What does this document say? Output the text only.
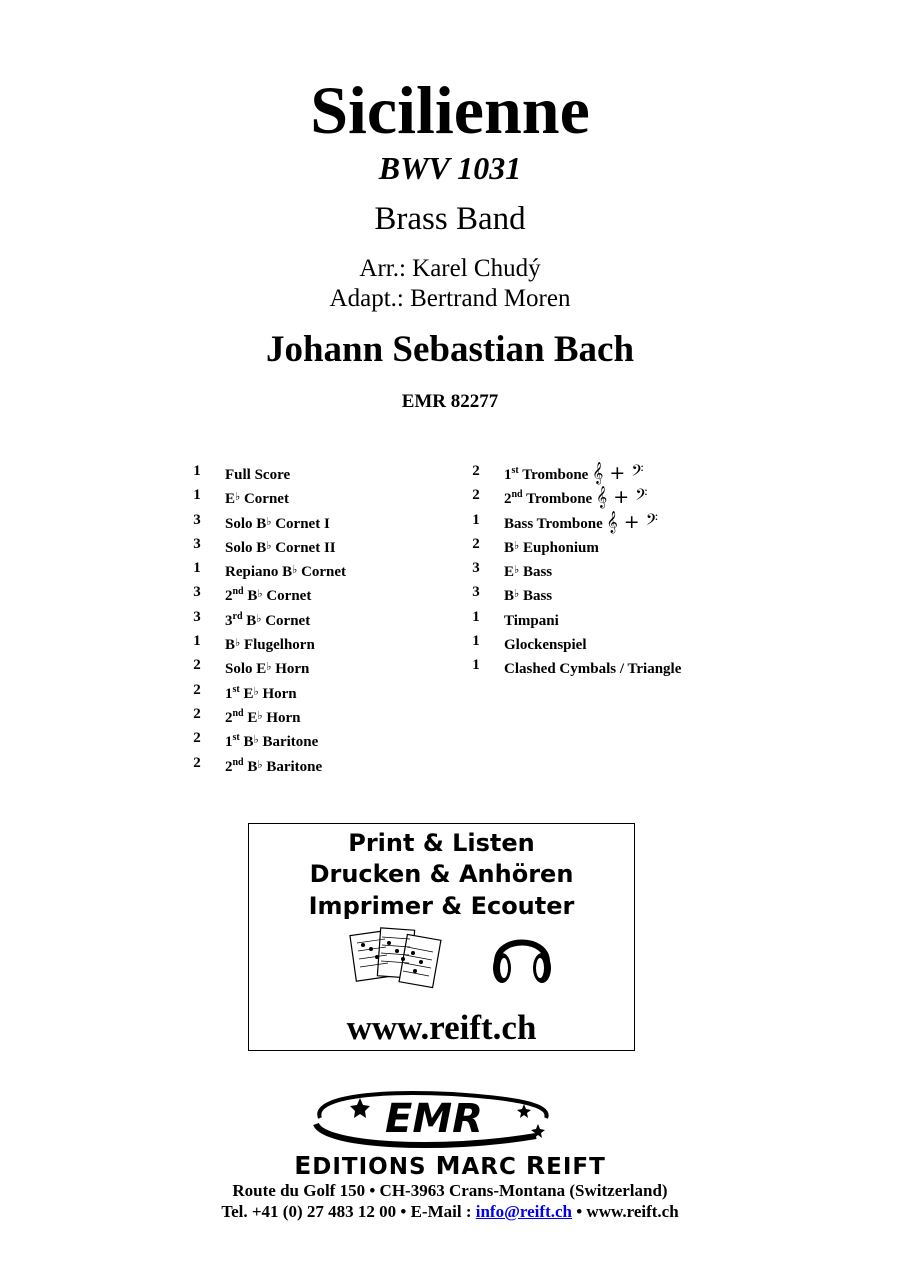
Sicilienne
BWV 1031
Brass Band
Arr.: Karel Chudý
Adapt.: Bertrand Moren
Johann Sebastian Bach
EMR 82277
1 Full Score
1 E♭ Cornet
3 Solo B♭ Cornet I
3 Solo B♭ Cornet II
1 Repiano B♭ Cornet
3 2nd B♭ Cornet
3 3rd B♭ Cornet
1 B♭ Flugelhorn
2 Solo E♭ Horn
2 1st E♭ Horn
2 2nd E♭ Horn
2 1st B♭ Baritone
2 2nd B♭ Baritone
2 1st Trombone 𝄞 + 𝄢
2 2nd Trombone 𝄞 + 𝄢
1 Bass Trombone 𝄞 + 𝄢
2 B♭ Euphonium
3 E♭ Bass
3 B♭ Bass
1 Timpani
1 Glockenspiel
1 Clashed Cymbals / Triangle
Print & Listen
Drucken & Anhören
Imprimer & Ecouter
www.reift.ch
EMR
EDITIONS MARC REIFT
Route du Golf 150 • CH-3963 Crans-Montana (Switzerland)
Tel. +41 (0) 27 483 12 00 • E-Mail : info@reift.ch • www.reift.ch
